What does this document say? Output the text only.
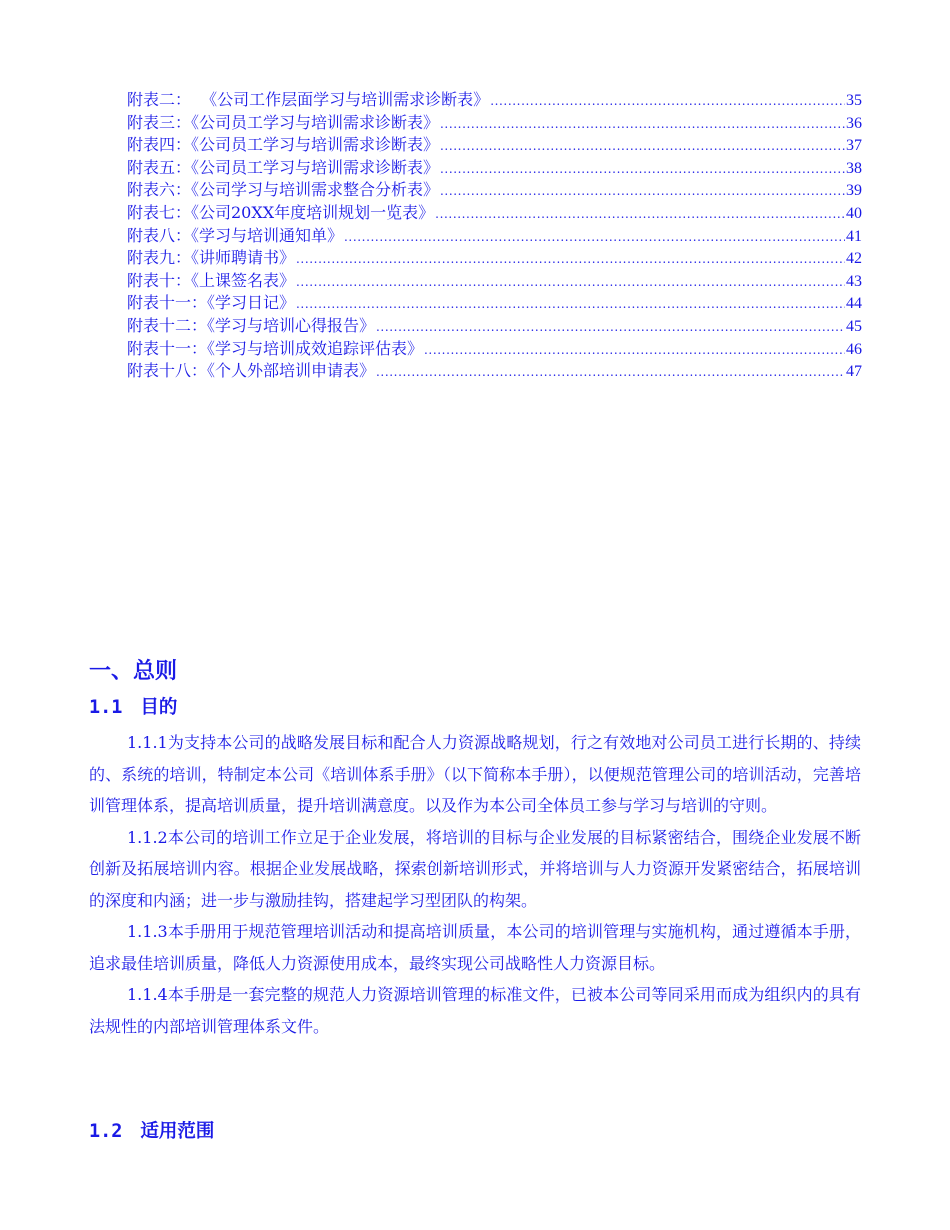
附表二：  《公司工作层面学习与培训需求诊断表》 .....	35
附表三：《公司员工学习与培训需求诊断表》 .....	36
附表四：《公司员工学习与培训需求诊断表》 .....	37
附表五：《公司员工学习与培训需求诊断表》 .....	38
附表六：《公司学习与培训需求整合分析表》 .....	39
附表七：《公司20XX年度培训规划一览表》 .....	40
附表八：《学习与培训通知单》 .....	41
附表九：《讲师聘请书》 .....	42
附表十：《上课签名表》 .....	43
附表十一：《学习日记》 .....	44
附表十二：《学习与培训心得报告》 .....	45
附表十一：《学习与培训成效追踪评估表》 .....	46
附表十八：《个人外部培训申请表》 .....	47
一、总则
1.1 目的

1.1.1为支持本公司的战略发展目标和配合人力资源战略规划，行之有效地对公司员工进行长期的、持续的、系统的培训，特制定本公司《培训体系手册》（以下简称本手册），以便规范管理公司的培训活动，完善培训管理体系，提高培训质量，提升培训满意度。以及作为本公司全体员工参与学习与培训的守则。

1.1.2本公司的培训工作立足于企业发展，将培训的目标与企业发展的目标紧密结合，围绕企业发展不断创新及拓展培训内容。根据企业发展战略，探索创新培训形式，并将培训与人力资源开发紧密结合，拓展培训的深度和内涵；进一步与激励挂钩，搭建起学习型团队的构架。

1.1.3本手册用于规范管理培训活动和提高培训质量，本公司的培训管理与实施机构，通过遵循本手册，追求最佳培训质量，降低人力资源使用成本，最终实现公司战略性人力资源目标。

1.1.4本手册是一套完整的规范人力资源培训管理的标准文件，已被本公司等同采用而成为组织内的具有法规性的内部培训管理体系文件。

1.2 适用范围
